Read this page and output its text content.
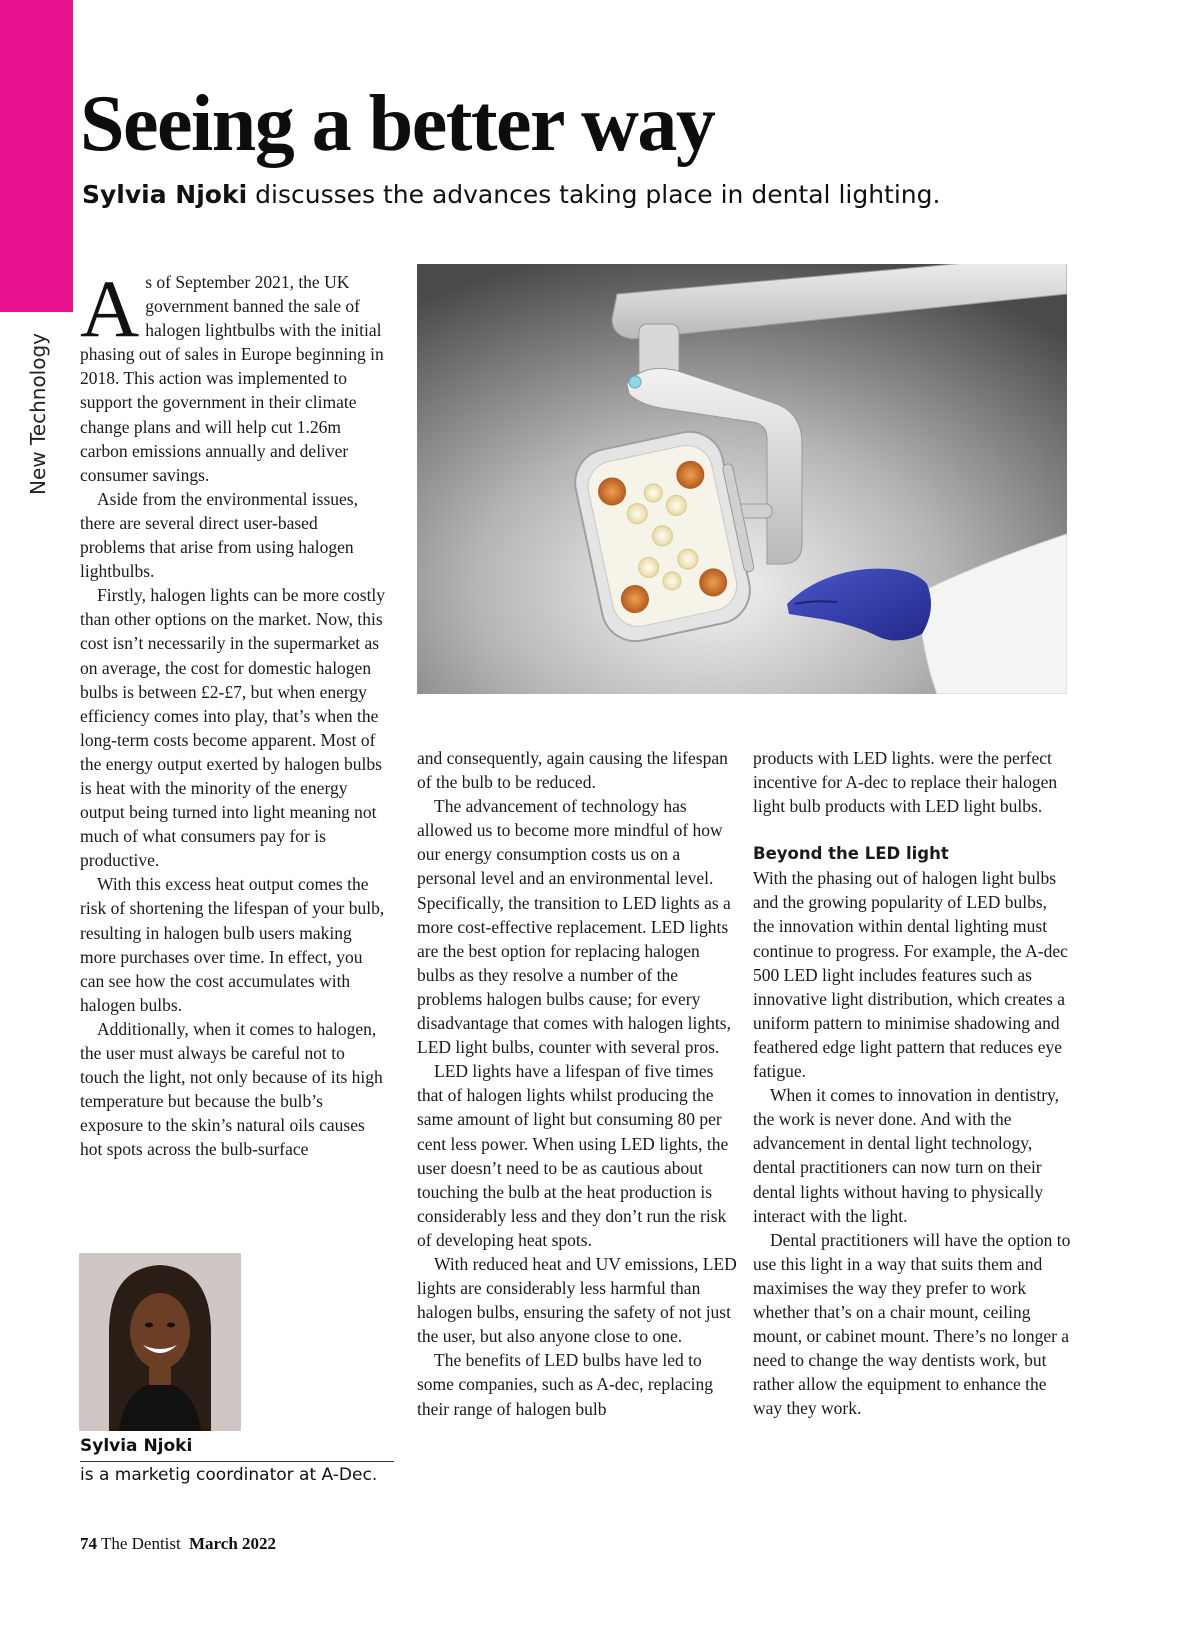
New Technology
Seeing a better way

Sylvia Njoki discusses the advances taking place in dental lighting.

As of September 2021, the UK government banned the sale of halogen lightbulbs with the initial phasing out of sales in Europe beginning in 2018. This action was implemented to support the government in their climate change plans and will help cut 1.26m carbon emissions annually and deliver consumer savings.

Aside from the environmental issues, there are several direct user-based problems that arise from using halogen lightbulbs.

Firstly, halogen lights can be more costly than other options on the market. Now, this cost isn’t necessarily in the supermarket as on average, the cost for domestic halogen bulbs is between £2-£7, but when energy efficiency comes into play, that’s when the long-term costs become apparent. Most of the energy output exerted by halogen bulbs is heat with the minority of the energy output being turned into light meaning not much of what consumers pay for is productive.

With this excess heat output comes the risk of shortening the lifespan of your bulb, resulting in halogen bulb users making more purchases over time. In effect, you can see how the cost accumulates with halogen bulbs.

Additionally, when it comes to halogen, the user must always be careful not to touch the light, not only because of its high temperature but because the bulb’s exposure to the skin’s natural oils causes hot spots across the bulb-surface

and consequently, again causing the lifespan of the bulb to be reduced.

The advancement of technology has allowed us to become more mindful of how our energy consumption costs us on a personal level and an environmental level. Specifically, the transition to LED lights as a more cost-effective replacement. LED lights are the best option for replacing halogen bulbs as they resolve a number of the problems halogen bulbs cause; for every disadvantage that comes with halogen lights, LED light bulbs, counter with several pros.

LED lights have a lifespan of five times that of halogen lights whilst producing the same amount of light but consuming 80 per cent less power. When using LED lights, the user doesn’t need to be as cautious about touching the bulb at the heat production is considerably less and they don’t run the risk of developing heat spots.

With reduced heat and UV emissions, LED lights are considerably less harmful than halogen bulbs, ensuring the safety of not just the user, but also anyone close to one.

The benefits of LED bulbs have led to some companies, such as A-dec, replacing their range of halogen bulb

products with LED lights. were the perfect incentive for A-dec to replace their halogen light bulb products with LED light bulbs.

Beyond the LED light

With the phasing out of halogen light bulbs and the growing popularity of LED bulbs, the innovation within dental lighting must continue to progress. For example, the A-dec 500 LED light includes features such as innovative light distribution, which creates a uniform pattern to minimise shadowing and feathered edge light pattern that reduces eye fatigue.

When it comes to innovation in dentistry, the work is never done. And with the advancement in dental light technology, dental practitioners can now turn on their dental lights without having to physically interact with the light.

Dental practitioners will have the option to use this light in a way that suits them and maximises the way they prefer to work whether that’s on a chair mount, ceiling mount, or cabinet mount. There’s no longer a need to change the way dentists work, but rather allow the equipment to enhance the way they work.

Sylvia Njoki
is a marketig coordinator at A-Dec.
74 The Dentist March 2022
